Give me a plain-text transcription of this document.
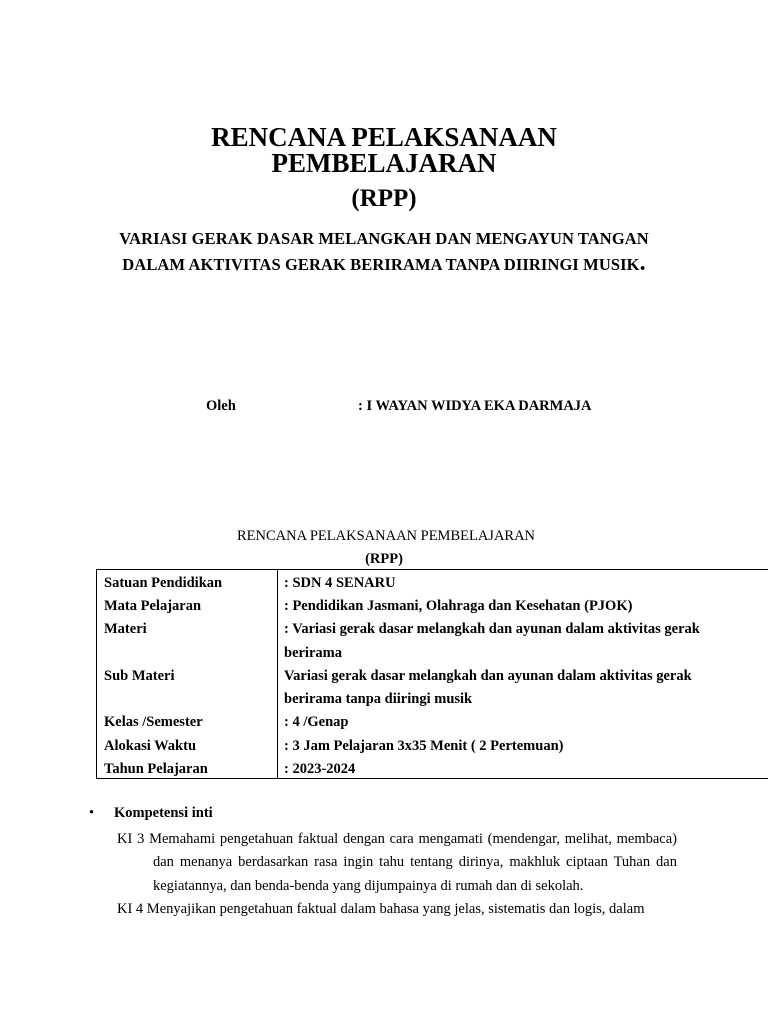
RENCANA PELAKSANAAN
PEMBELAJARAN
(RPP)
VARIASI GERAK DASAR MELANGKAH DAN MENGAYUN TANGAN
DALAM AKTIVITAS GERAK BERIRAMA TANPA DIIRINGI MUSIK.
Oleh	: I WAYAN WIDYA EKA DARMAJA
RENCANA PELAKSANAAN PEMBELAJARAN
(RPP)
Satuan Pendidikan	: SDN 4 SENARU
Mata Pelajaran	: Pendidikan Jasmani, Olahraga dan Kesehatan (PJOK)
Materi	: Variasi gerak dasar melangkah dan ayunan dalam aktivitas gerak
berirama
Sub Materi	Variasi gerak dasar melangkah dan ayunan dalam aktivitas gerak
berirama tanpa diiringi musik
Kelas /Semester	: 4 /Genap
Alokasi Waktu	: 3 Jam Pelajaran 3x35 Menit ( 2 Pertemuan)
Tahun Pelajaran	: 2023-2024
• Kompetensi inti
KI 3 Memahami pengetahuan faktual dengan cara mengamati (mendengar, melihat, membaca) dan menanya berdasarkan rasa ingin tahu tentang dirinya, makhluk ciptaan Tuhan dan kegiatannya, dan benda-benda yang dijumpainya di rumah dan di sekolah.
KI 4 Menyajikan pengetahuan faktual dalam bahasa yang jelas, sistematis dan logis, dalam
